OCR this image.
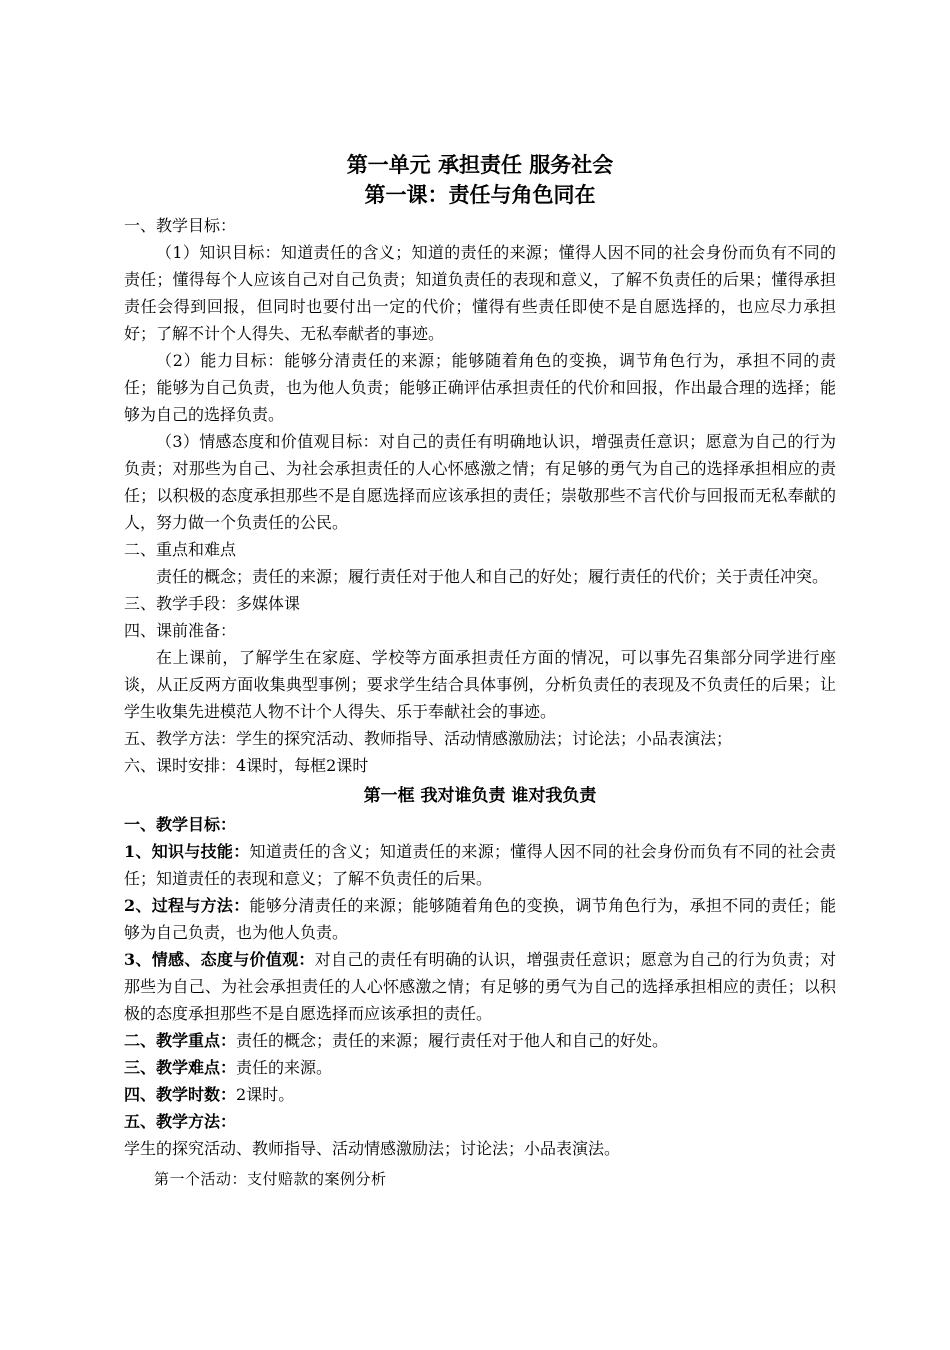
第一单元 承担责任 服务社会
第一课：责任与角色同在

一、教学目标：

（1）知识目标：知道责任的含义；知道的责任的来源；懂得人因不同的社会身份而负有不同的责任；懂得每个人应该自己对自己负责；知道负责任的表现和意义，了解不负责任的后果；懂得承担责任会得到回报，但同时也要付出一定的代价；懂得有些责任即使不是自愿选择的，也应尽力承担好；了解不计个人得失、无私奉献者的事迹。

（2）能力目标：能够分清责任的来源；能够随着角色的变换，调节角色行为，承担不同的责任；能够为自己负责，也为他人负责；能够正确评估承担责任的代价和回报，作出最合理的选择；能够为自己的选择负责。

（3）情感态度和价值观目标：对自己的责任有明确地认识，增强责任意识；愿意为自己的行为负责；对那些为自己、为社会承担责任的人心怀感激之情；有足够的勇气为自己的选择承担相应的责任；以积极的态度承担那些不是自愿选择而应该承担的责任；崇敬那些不言代价与回报而无私奉献的人，努力做一个负责任的公民。

二、重点和难点

责任的概念；责任的来源；履行责任对于他人和自己的好处；履行责任的代价；关于责任冲突。

三、教学手段：多媒体课

四、课前准备：

在上课前，了解学生在家庭、学校等方面承担责任方面的情况，可以事先召集部分同学进行座谈，从正反两方面收集典型事例；要求学生结合具体事例，分析负责任的表现及不负责任的后果；让学生收集先进模范人物不计个人得失、乐于奉献社会的事迹。

五、教学方法：学生的探究活动、教师指导、活动情感激励法；讨论法；小品表演法；

六、课时安排：4课时，每框2课时

第一框 我对谁负责 谁对我负责

一、教学目标：

1、知识与技能：知道责任的含义；知道责任的来源；懂得人因不同的社会身份而负有不同的社会责任；知道责任的表现和意义；了解不负责任的后果。

2、过程与方法：能够分清责任的来源；能够随着角色的变换，调节角色行为，承担不同的责任；能够为自己负责，也为他人负责。

3、情感、态度与价值观：对自己的责任有明确的认识，增强责任意识；愿意为自己的行为负责；对那些为自己、为社会承担责任的人心怀感激之情；有足够的勇气为自己的选择承担相应的责任；以积极的态度承担那些不是自愿选择而应该承担的责任。

二、教学重点：责任的概念；责任的来源；履行责任对于他人和自己的好处。

三、教学难点：责任的来源。

四、教学时数：2课时。

五、教学方法：

学生的探究活动、教师指导、活动情感激励法；讨论法；小品表演法。

第一个活动：支付赔款的案例分析
